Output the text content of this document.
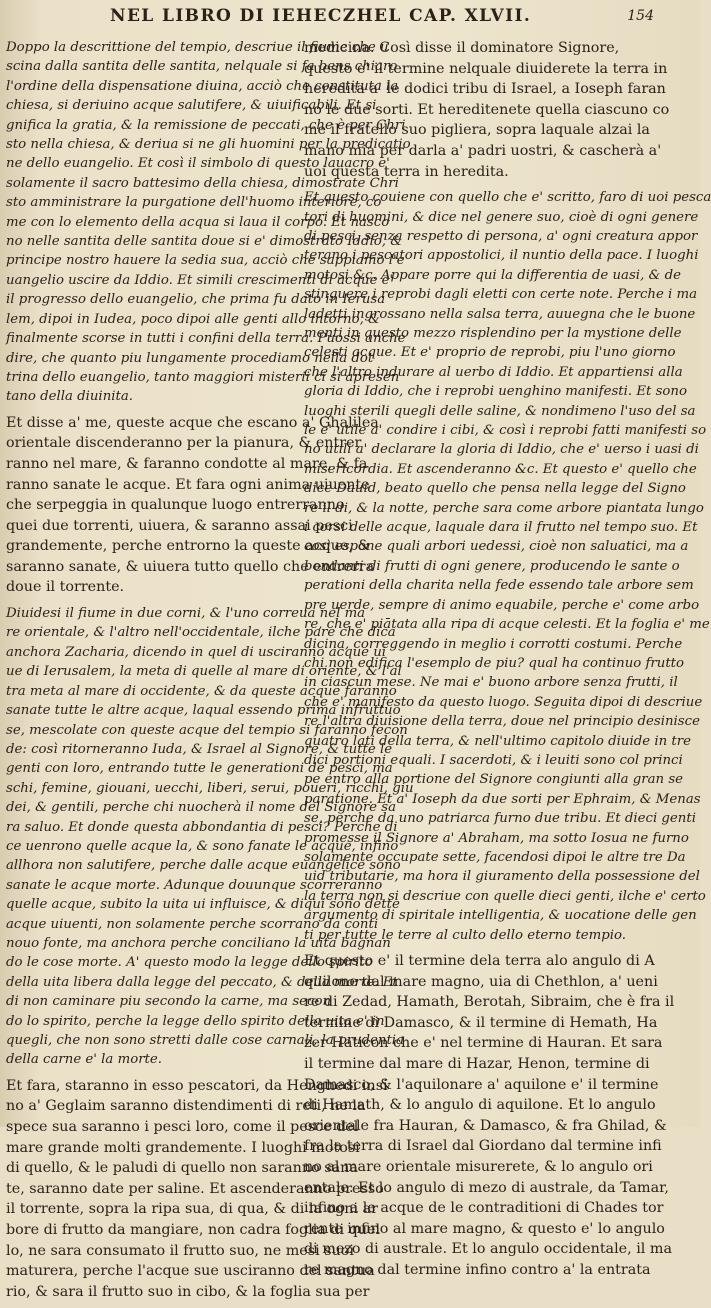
NEL LIBRO DI IEHECZHEL CAP. XLVII.	154

Doppo la descrittione del tempio, descriue il fiume che u
scina dalla santita delle santita, nelquale si fa bens chiaro
l'ordine della dispensatione diuina, acciò che constituta la
chiesa, si deriuino acque salutifere, & uiuificabili. Et si
gnifica la gratia, & la remissione de peccati, che è per Chri
sto nella chiesa, & deriua si ne gli huomini per la predicatio
ne dello euangelio. Et così il simbolo di questo lauacro e'
solamente il sacro battesimo della chiesa, dimostrate Chri
sto amministrare la purgatione dell'huomo interiore, co
me con lo elemento della acqua si laua il corpo. Et nasco
no nelle santita delle santita doue si e' dimostrato Iddio, &
principe nostro hauere la sedia sua, acciò che sappiamo l'e
uangelio uscire da Iddio. Et simili crescimenti di acque e'
il progresso dello euangelio, che prima fu dato in Ierusa
lem, dipoi in Iudea, poco dipoi alle genti allo intorno, &
finalmente scorse in tutti i confini della terra. Puossi anche
dire, che quanto piu lungamente procediamo nella dot
trina dello euangelio, tanto maggiori misterii ci si apresen
tano della diuinita.

Et disse a' me, queste acque che escano a' Ghalilea
orientale discenderanno per la pianura, & entrer
ranno nel mare, & faranno condotte al mare, & fa
ranno sanate le acque. Et fara ogni anima uiuente
che serpeggia in qualunque luogo entrerranno
quei due torrenti, uiuera, & saranno assai pesci
grandemente, perche entrorno la queste acque, &
saranno sanate, & uiuera tutto quello che entrerra
doue il torrente.

Diuidesi il fiume in due corni, & l'uno correua nel ma
re orientale, & l'altro nell'occidentale, ilche pare che dica
anchora Zacharia, dicendo in quel di usciranno acque ui
ue di Ierusalem, la meta di quelle al mare di oriente, & l'al
tra meta al mare di occidente, & da queste acque faranno
sanate tutte le altre acque, laqual essendo prima infruttuo
se, mescolate con queste acque del tempio si faranno fecon
de: così ritorneranno Iuda, & Israel al Signore, & tutte le
genti con loro, entrando tutte le generationi de pesci, ma
schi, femine, giouani, uecchi, liberi, serui, poueri, ricchi, giu
dei, & gentili, perche chi nuocherà il nome del Signore sa
ra saluo. Et donde questa abbondantia di pesci? Perche di
ce uenrono quelle acque la, & sono fanate le acque, infino
allhora non salutifere, perche dalle acque euangelice sono
sanate le acque morte. Adunque douunque scorreranno
quelle acque, subito la uita ui influisce, & diqui sono dette
acque uiuenti, non solamente perche scorrano da conti
nouo fonte, ma anchora perche conciliano la uita bagnan
do le cose morte. A' questo modo la legge dello spirito
della uita libera dalla legge del peccato, & della morte. Et
di non caminare piu secondo la carne, ma secon
do lo spirito, perche la legge dello spirito della uita e' in
quegli, che non sono stretti dalle cose carnali, la prudentia
della carne e' la morte.

Et fara, staranno in esso pescatori, da Henghedi insi
no a' Geglaim saranno distendimenti di reti, ne la
spece sua saranno i pesci loro, come il pesce del
mare grande molti grandemente. I luoghi motosi
di quello, & le paludi di quello non saranno sana
te, saranno date per saline. Et ascenderanno presso
il torrente, sopra la ripa sua, di qua, & di la ogni ar
bore di frutto da mangiare, non cadra foglia di quel
lo, ne sara consumato il frutto suo, ne mesi suoi
maturera, perche l'acque sue usciranno del santua
rio, & sara il frutto suo in cibo, & la foglia sua per

medicina. Così disse il dominatore Signore,
questo e' il termine nelquale diuiderete la terra in
heredita a' le dodici tribu di Israel, a Ioseph faran
no le due sorti. Et hereditenete quella ciascuno co
me il fratello suo pigliera, sopra laquale alzai la
mano mia per darla a' padri uostri, & cascherà a'
uoi questa terra in heredita.

Et questo couiene con quello che e' scritto, faro di uoi pesca
tori di huomini, & dice nel genere suo, cioè di ogni genere
di pesci, senza respetto di persona, a' ogni creatura appor
terano i pescatori appostolici, il nuntio della pace. I luoghi
motosi &c. Appare porre qui la differentia de uasi, & de
stinguere i reprobi dagli eletti con certe note. Perche i ma
ladetti ingrossano nella salsa terra, auuegna che le buone
menti in questo mezzo risplendino per la mystione delle
celesti acque. Et e' proprio de reprobi, piu l'uno giorno
che l'altro indurare al uerbo di Iddio. Et appartiensi alla
gloria di Iddio, che i reprobi uenghino manifesti. Et sono
luoghi sterili quegli delle saline, & nondimeno l'uso del sa
le e' utile a' condire i cibi, & così i reprobi fatti manifesti so
no utili a' declarare la gloria di Iddio, che e' uerso i uasi di
misericordia. Et ascenderanno &c. Et questo e' quello che
dice Dauid, beato quello che pensa nella legge del Signo
re il di, & la notte, perche sara come arbore piantata lungo
i corsi delle acque, laquale dara il frutto nel tempo suo. Et
così espone quali arbori uedessi, cioè non saluatici, ma a
bondanti di frutti di ogni genere, producendo le sante o
perationi della charita nella fede essendo tale arbore sem
pre uerde, sempre di animo equabile, perche e' come arbo
re, che e' piātata alla ripa di acque celesti. Et la foglia e' me
dicina, correggendo in meglio i corrotti costumi. Perche
chi non edifica l'esemplo de piu? qual ha continuo frutto
in ciascun mese. Ne mai e' buono arbore senza frutti, il
che e' manifesto da questo luogo. Seguita dipoi di descriue
re l'altra diuisione della terra, doue nel principio desinisce
quatro lati della terra, & nell'ultimo capitolo diuide in tre
dici portioni equali. I sacerdoti, & i leuiti sono col princi
pe entro alla portione del Signore congiunti alla gran se
paratione. Et a' Ioseph da due sorti per Ephraim, & Menas
se, perche da uno patriarca furno due tribu. Et dieci genti
promesse il Signore a' Abraham, ma sotto Iosua ne furno
solamente occupate sette, facendosi dipoi le altre tre Da
uid tributarie, ma hora il giuramento della possessione del
la terra non si descriue con quelle dieci genti, ilche e' certo
argumento di spiritale intelligentia, & uocatione delle gen
ti per tutte le terre al culto dello eterno tempio.

Et questo e' il termine dela terra alo angulo di A
quilone dal mare magno, uia di Chethlon, a' ueni
re di Zedad, Hamath, Berotah, Sibraim, che è fra il
termine di Damasco, & il termine di Hemath, Ha
zer Haticon che e' nel termine di Hauran. Et sara
il termine dal mare di Hazar, Henon, termine di
Damasco, & l'aquilonare a' aquilone e' il termine
di Hamath, & lo angulo di aquilone. Et lo angulo
orientale fra Hauran, & Damasco, & fra Ghilad, &
fra la terra di Israel dal Giordano dal termine infi
no al mare orientale misurerete, & lo angulo ori
entale. Et lo angulo di mezo di australe, da Tamar,
infino a le acque de le contraditioni di Chades tor
rente infino al mare magno, & questo e' lo angulo
di mezo di australe. Et lo angulo occidentale, il ma
re magno dal termine infino contro a' la entrata
